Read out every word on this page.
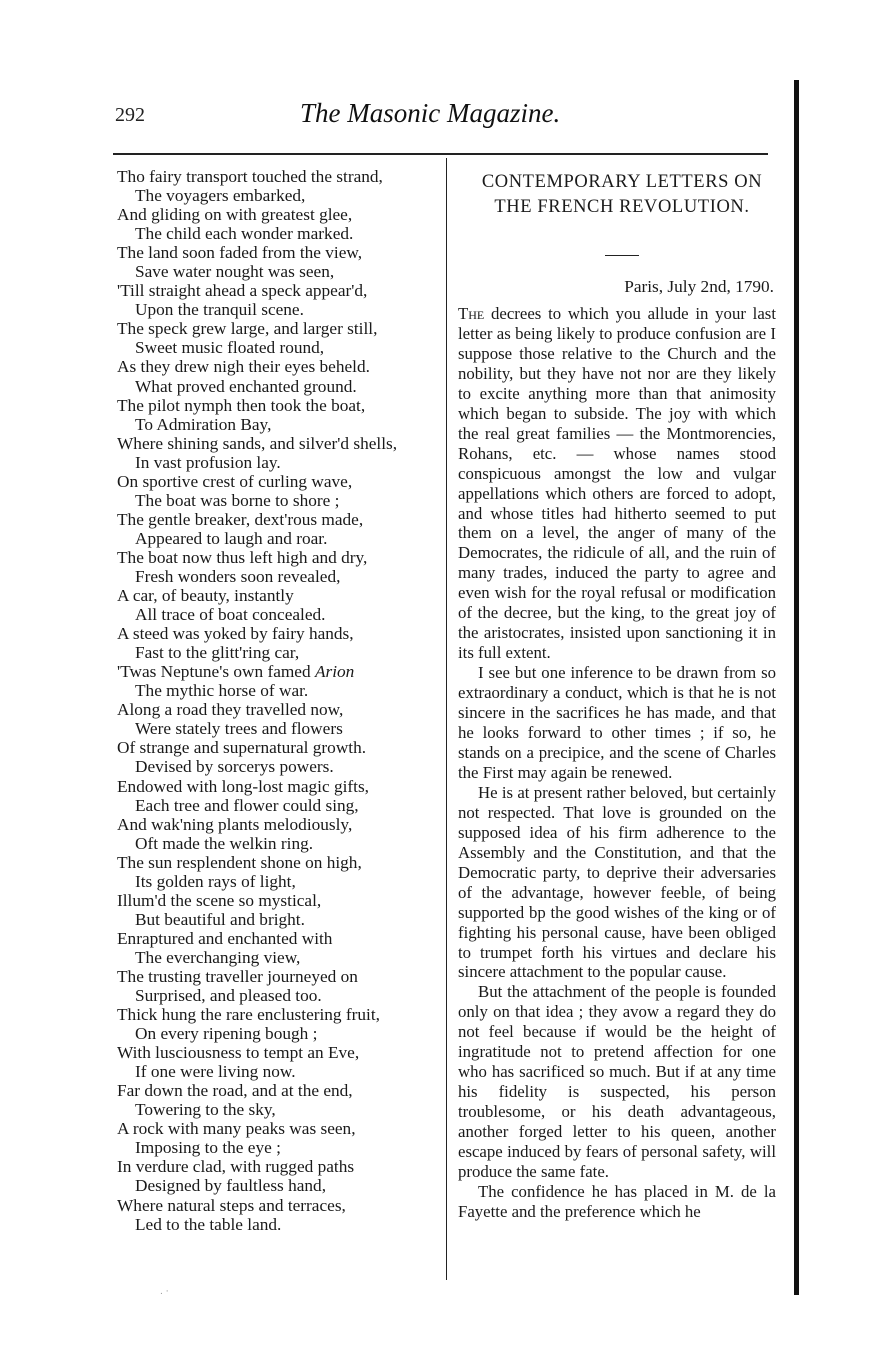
292	The Masonic Magazine.
Tho fairy transport touched the strand,
The voyagers embarked,
And gliding on with greatest glee,
The child each wonder marked.
The land soon faded from the view,
Save water nought was seen,
'Till straight ahead a speck appear'd,
Upon the tranquil scene.
The speck grew large, and larger still,
Sweet music floated round,
As they drew nigh their eyes beheld.
What proved enchanted ground.
The pilot nymph then took the boat,
To Admiration Bay,
Where shining sands, and silver'd shells,
In vast profusion lay.
On sportive crest of curling wave,
The boat was borne to shore ;
The gentle breaker, dext'rous made,
Appeared to laugh and roar.
The boat now thus left high and dry,
Fresh wonders soon revealed,
A car, of beauty, instantly
All trace of boat concealed.
A steed was yoked by fairy hands,
Fast to the glitt'ring car,
'Twas Neptune's own famed Arion
The mythic horse of war.
Along a road they travelled now,
Were stately trees and flowers
Of strange and supernatural growth.
Devised by sorcerys powers.
Endowed with long-lost magic gifts,
Each tree and flower could sing,
And wak'ning plants melodiously,
Oft made the welkin ring.
The sun resplendent shone on high,
Its golden rays of light,
Illum'd the scene so mystical,
But beautiful and bright.
Enraptured and enchanted with
The everchanging view,
The trusting traveller journeyed on
Surprised, and pleased too.
Thick hung the rare enclustering fruit,
On every ripening bough ;
With lusciousness to tempt an Eve,
If one were living now.
Far down the road, and at the end,
Towering to the sky,
A rock with many peaks was seen,
Imposing to the eye ;
In verdure clad, with rugged paths
Designed by faultless hand,
Where natural steps and terraces,
Led to the table land.
CONTEMPORARY LETTERS ON
THE FRENCH REVOLUTION.
Paris, July 2nd, 1790.

The decrees to which you allude in your last letter as being likely to produce confusion are I suppose those relative to the Church and the nobility, but they have not nor are they likely to excite anything more than that animosity which began to subside. The joy with which the real great families — the Montmorencies, Rohans, etc. — whose names stood conspicuous amongst the low and vulgar appellations which others are forced to adopt, and whose titles had hitherto seemed to put them on a level, the anger of many of the Democrates, the ridicule of all, and the ruin of many trades, induced the party to agree and even wish for the royal refusal or modification of the decree, but the king, to the great joy of the aristocrates, insisted upon sanctioning it in its full extent.

I see but one inference to be drawn from so extraordinary a conduct, which is that he is not sincere in the sacrifices he has made, and that he looks forward to other times ; if so, he stands on a precipice, and the scene of Charles the First may again be renewed.

He is at present rather beloved, but certainly not respected. That love is grounded on the supposed idea of his firm adherence to the Assembly and the Constitution, and that the Democratic party, to deprive their adversaries of the advantage, however feeble, of being supported bp the good wishes of the king or of fighting his personal cause, have been obliged to trumpet forth his virtues and declare his sincere attachment to the popular cause.

But the attachment of the people is founded only on that idea ; they avow a regard they do not feel because if would be the height of ingratitude not to pretend affection for one who has sacrificed so much. But if at any time his fidelity is suspected, his person troublesome, or his death advantageous, another forged letter to his queen, another escape induced by fears of personal safety, will produce the same fate.

The confidence he has placed in M. de la Fayette and the preference which he

. ·
